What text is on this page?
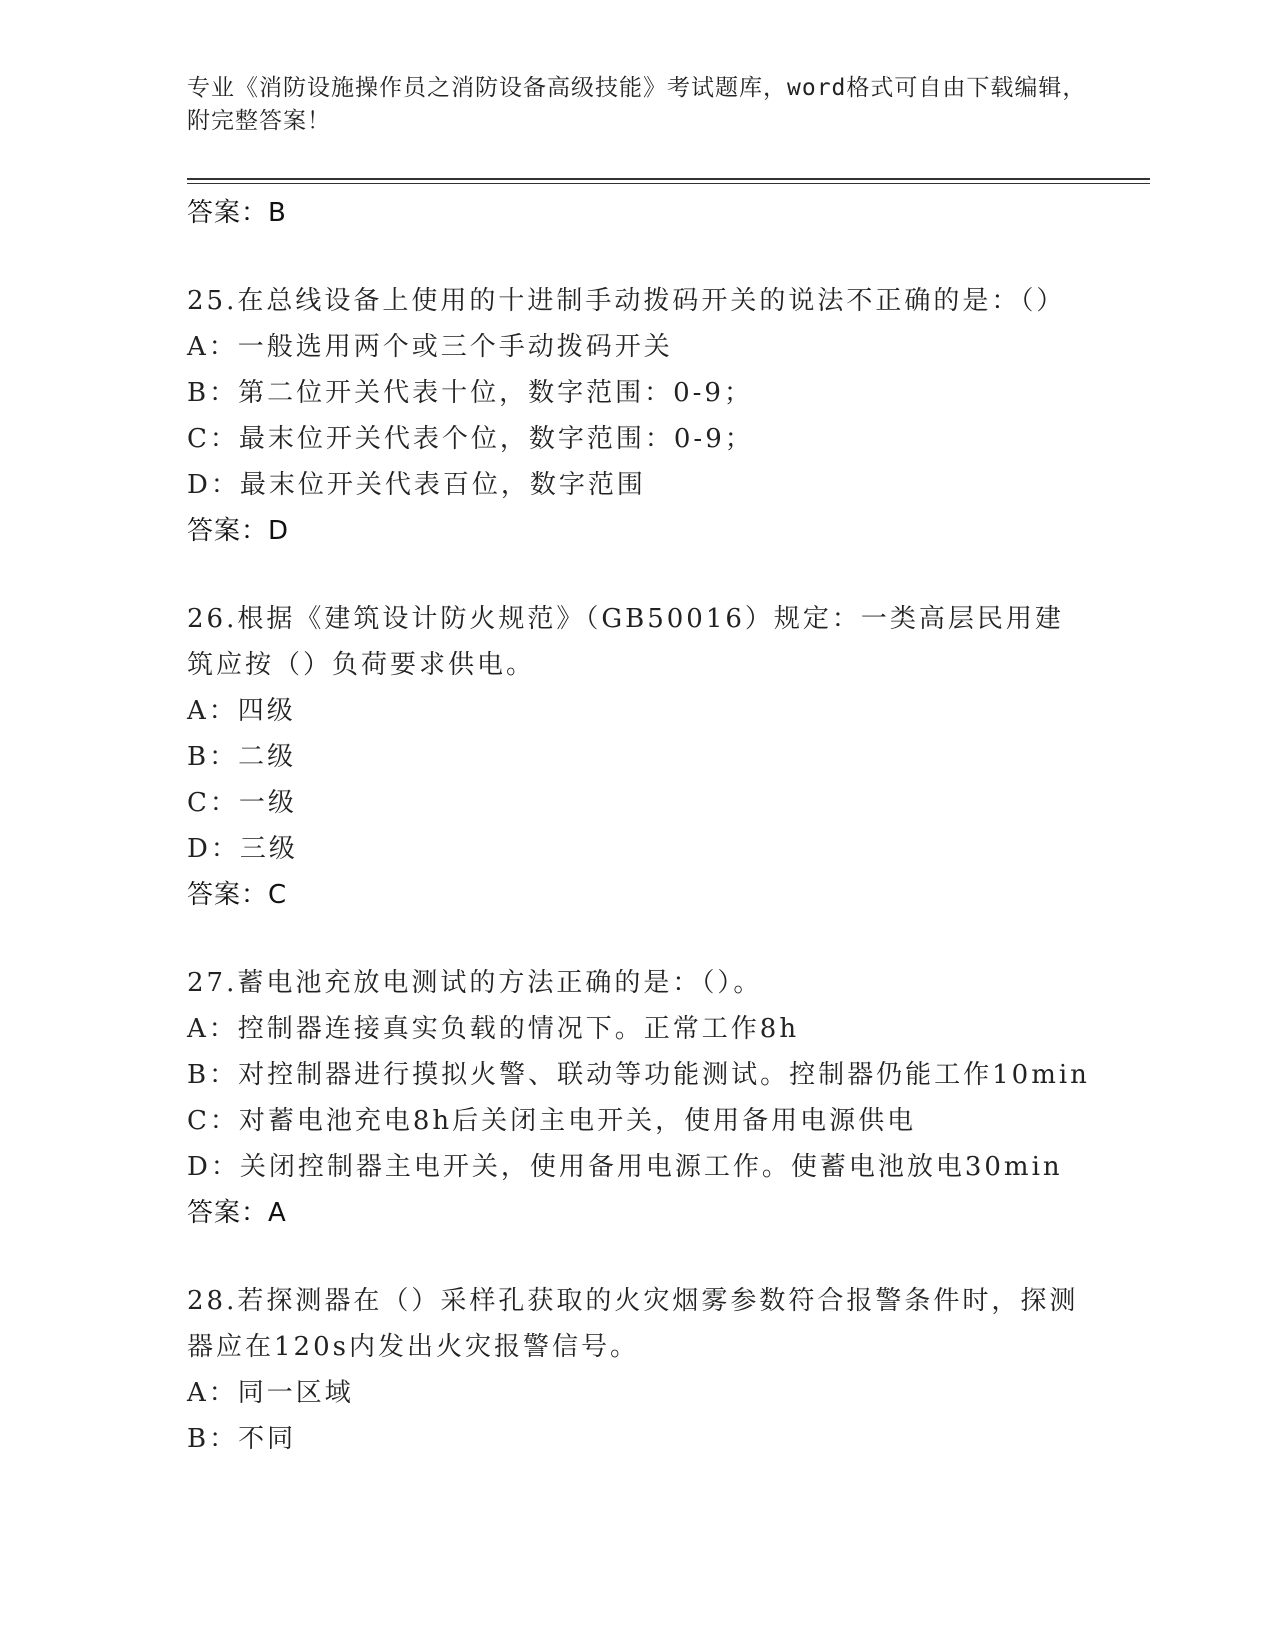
专业《消防设施操作员之消防设备高级技能》考试题库，word格式可自由下载编辑，附完整答案！

答案：B

25.在总线设备上使用的十进制手动拨码开关的说法不正确的是：（）

A：一般选用两个或三个手动拨码开关

B：第二位开关代表十位，数字范围：0-9；

C：最末位开关代表个位，数字范围：0-9；

D：最末位开关代表百位，数字范围

答案：D

26.根据《建筑设计防火规范》（GB50016）规定：一类高层民用建筑应按（）负荷要求供电。

A：四级

B：二级

C：一级

D：三级

答案：C

27.蓄电池充放电测试的方法正确的是：（）。

A：控制器连接真实负载的情况下。正常工作8h

B：对控制器进行摸拟火警、联动等功能测试。控制器仍能工作10min

C：对蓄电池充电8h后关闭主电开关，使用备用电源供电

D：关闭控制器主电开关，使用备用电源工作。使蓄电池放电30min

答案：A

28.若探测器在（）采样孔获取的火灾烟雾参数符合报警条件时，探测器应在120s内发出火灾报警信号。

A：同一区域

B：不同
